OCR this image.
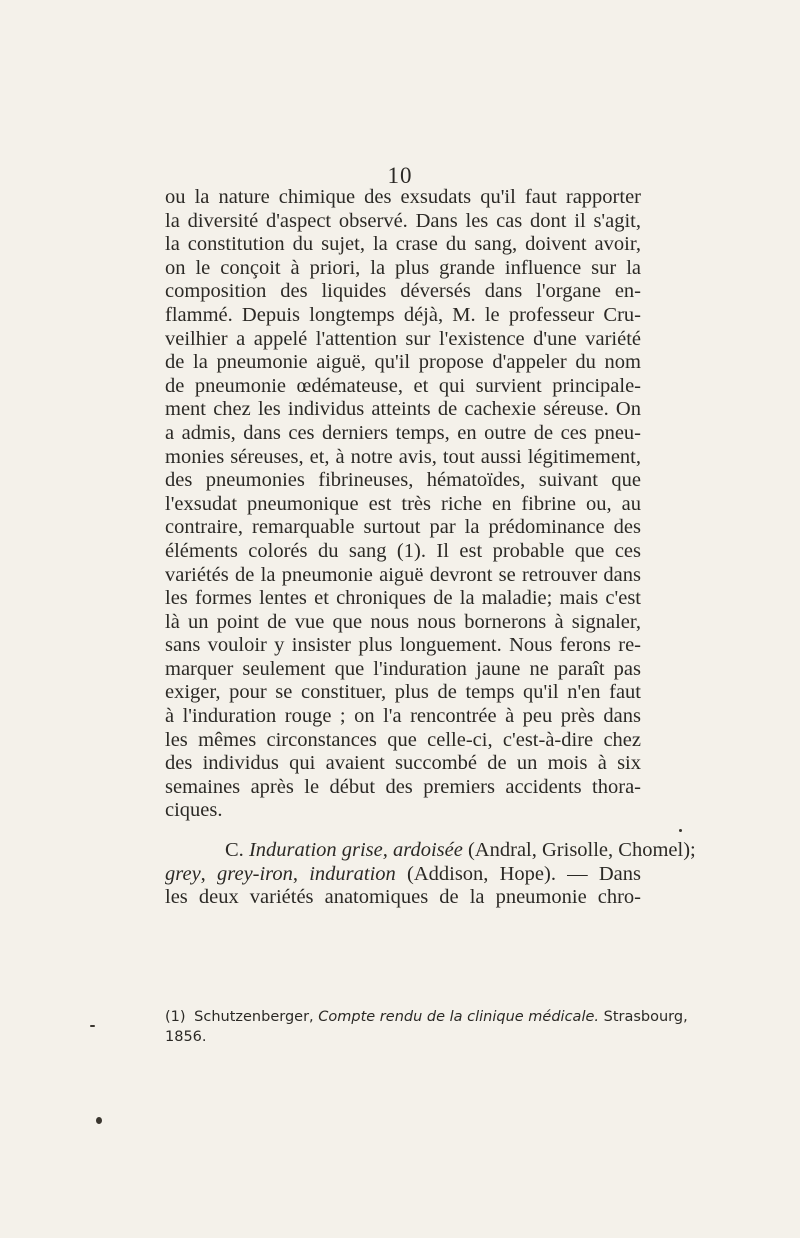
10
ou la nature chimique des exsudats qu'il faut rapporter
la diversité d'aspect observé. Dans les cas dont il s'agit,
la constitution du sujet, la crase du sang, doivent avoir,
on le conçoit à priori, la plus grande influence sur la
composition des liquides déversés dans l'organe en-
flammé. Depuis longtemps déjà, M. le professeur Cru-
veilhier a appelé l'attention sur l'existence d'une variété
de la pneumonie aiguë, qu'il propose d'appeler du nom
de pneumonie œdémateuse, et qui survient principale-
ment chez les individus atteints de cachexie séreuse. On
a admis, dans ces derniers temps, en outre de ces pneu-
monies séreuses, et, à notre avis, tout aussi légitimement,
des pneumonies fibrineuses, hématoïdes, suivant que
l'exsudat pneumonique est très riche en fibrine ou, au
contraire, remarquable surtout par la prédominance des
éléments colorés du sang (1). Il est probable que ces
variétés de la pneumonie aiguë devront se retrouver dans
les formes lentes et chroniques de la maladie; mais c'est
là un point de vue que nous nous bornerons à signaler,
sans vouloir y insister plus longuement. Nous ferons re-
marquer seulement que l'induration jaune ne paraît pas
exiger, pour se constituer, plus de temps qu'il n'en faut
à l'induration rouge ; on l'a rencontrée à peu près dans
les mêmes circonstances que celle-ci, c'est-à-dire chez
des individus qui avaient succombé de un mois à six
semaines après le début des premiers accidents thora-
ciques.
C. Induration grise, ardoisée (Andral, Grisolle, Chomel);
grey, grey-iron, induration (Addison, Hope). — Dans
les deux variétés anatomiques de la pneumonie chro-
(1) Schutzenberger, Compte rendu de la clinique médicale. Strasbourg,
1856.
